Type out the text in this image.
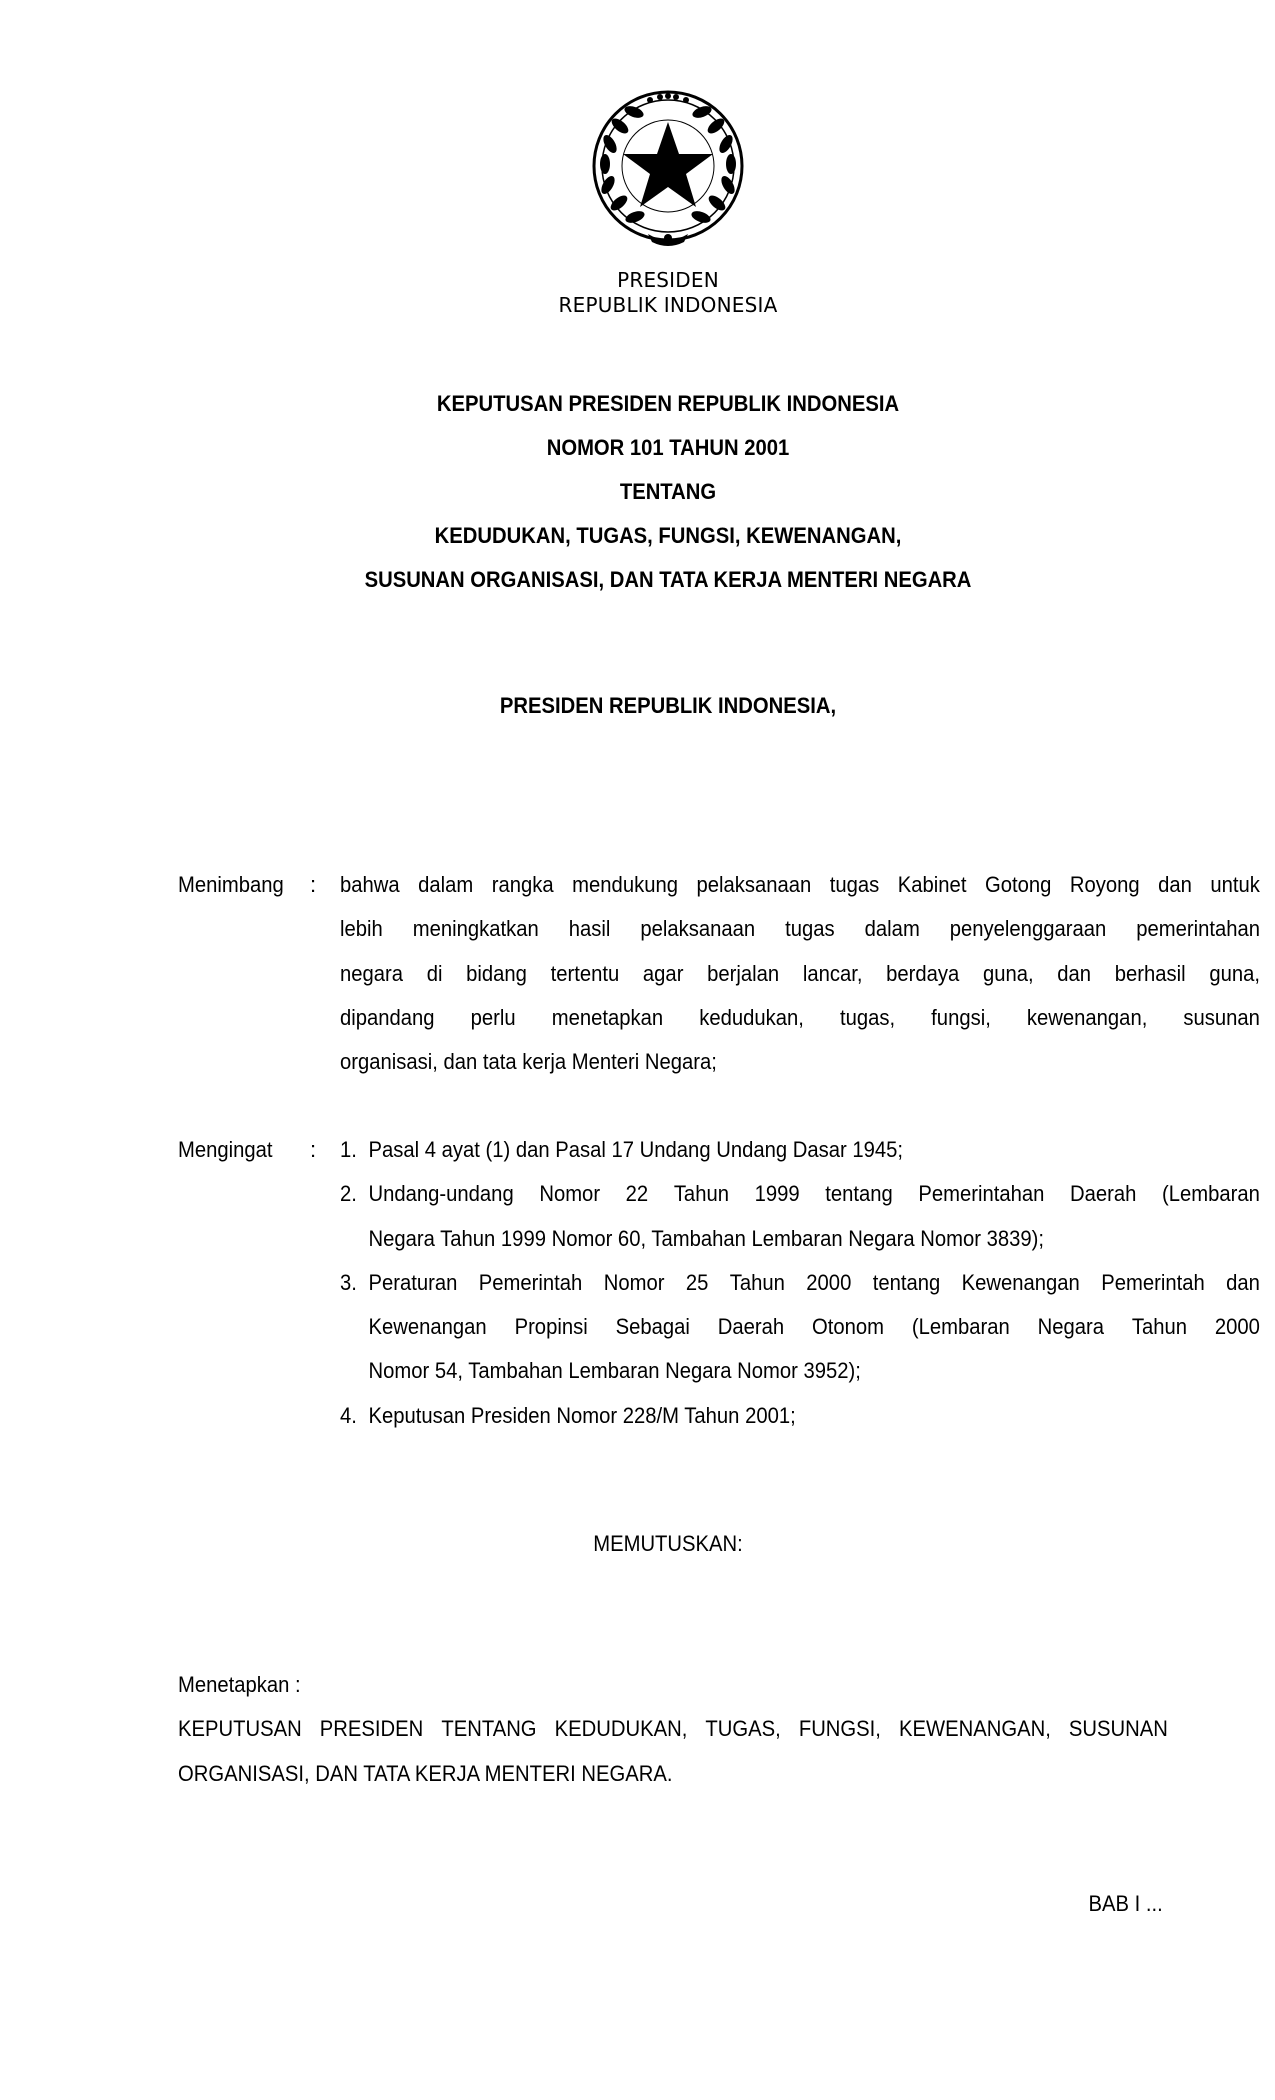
PRESIDEN
REPUBLIK INDONESIA
KEPUTUSAN PRESIDEN REPUBLIK INDONESIA
NOMOR 101 TAHUN 2001
TENTANG
KEDUDUKAN, TUGAS, FUNGSI, KEWENANGAN,
SUSUNAN ORGANISASI, DAN TATA KERJA MENTERI NEGARA
PRESIDEN REPUBLIK INDONESIA,
Menimbang : bahwa dalam rangka mendukung pelaksanaan tugas Kabinet Gotong Royong dan untuk
lebih meningkatkan hasil pelaksanaan tugas dalam penyelenggaraan pemerintahan
negara di bidang tertentu agar berjalan lancar, berdaya guna, dan berhasil guna,
dipandang perlu menetapkan kedudukan, tugas, fungsi, kewenangan, susunan
organisasi, dan tata kerja Menteri Negara;
Mengingat : 1. Pasal 4 ayat (1) dan Pasal 17 Undang Undang Dasar 1945;
2. Undang-undang Nomor 22 Tahun 1999 tentang Pemerintahan Daerah (Lembaran
Negara Tahun 1999 Nomor 60, Tambahan Lembaran Negara Nomor 3839);
3. Peraturan Pemerintah Nomor 25 Tahun 2000 tentang Kewenangan Pemerintah dan
Kewenangan Propinsi Sebagai Daerah Otonom (Lembaran Negara Tahun 2000
Nomor 54, Tambahan Lembaran Negara Nomor 3952);
4. Keputusan Presiden Nomor 228/M Tahun 2001;
MEMUTUSKAN:
Menetapkan :
KEPUTUSAN PRESIDEN TENTANG KEDUDUKAN, TUGAS, FUNGSI, KEWENANGAN, SUSUNAN
ORGANISASI, DAN TATA KERJA MENTERI NEGARA.
BAB I ...
